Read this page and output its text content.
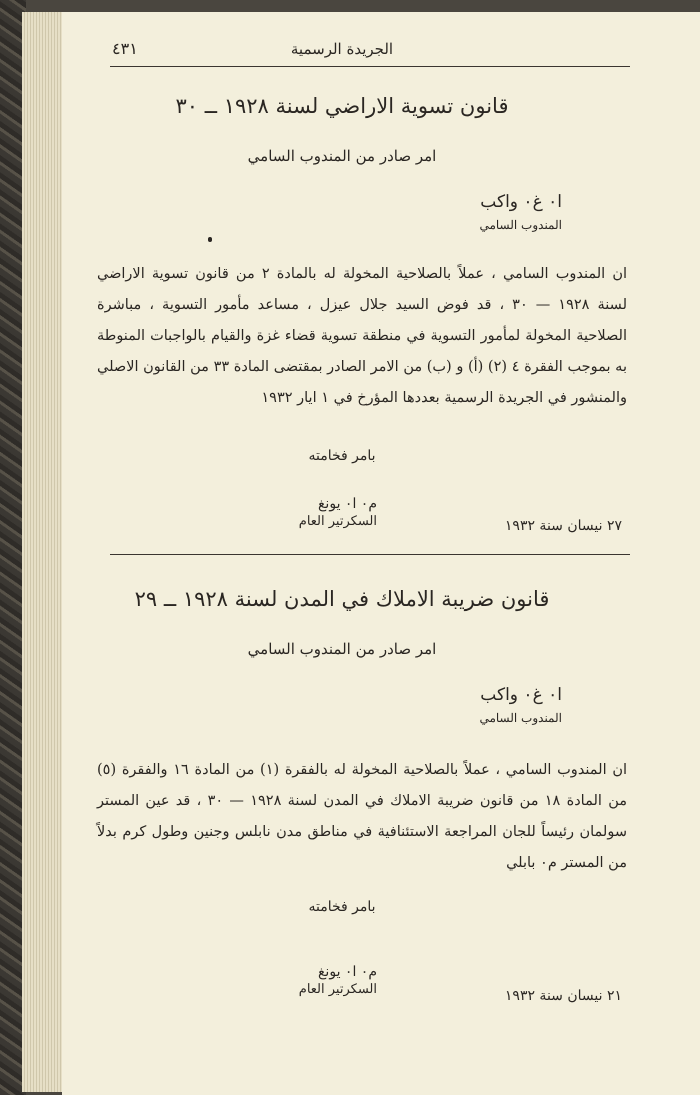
الجريدة الرسمية
٤٣١
قانون تسوية الاراضي لسنة ١٩٢٨ ــ ٣٠
امر صادر من المندوب السامي
ا٠ غ٠ واكب
المندوب السامي
ان المندوب السامي ، عملاً بالصلاحية المخولة له بالمادة ٢ من قانون تسوية الاراضي لسنة ١٩٢٨ — ٣٠ ، قد فوض السيد جلال عيزل ، مساعد مأمور التسوية ، مباشرة الصلاحية المخولة لمأمور التسوية في منطقة تسوية قضاء غزة والقيام بالواجبات المنوطة به بموجب الفقرة ٤ (٢) (أ) و (ب) من الامر الصادر بمقتضى المادة ٣٣ من القانون الاصلي والمنشور في الجريدة الرسمية بعددها المؤرخ في ١ ايار ١٩٣٢
بامر فخامته
م٠ ا٠ يونغ
السكرتير العام	٢٧ نيسان سنة ١٩٣٢
قانون ضريبة الاملاك في المدن لسنة ١٩٢٨ ــ ٢٩
امر صادر من المندوب السامي
ا٠ غ٠ واكب
المندوب السامي
ان المندوب السامي ، عملاً بالصلاحية المخولة له بالفقرة (١) من المادة ١٦ والفقرة (٥) من المادة ١٨ من قانون ضريبة الاملاك في المدن لسنة ١٩٢٨ — ٣٠ ، قد عين المستر سولمان رئيساً للجان المراجعة الاستئنافية في مناطق مدن نابلس وجنين وطول كرم بدلاً من المستر م٠ بابلي
بامر فخامته
م٠ ا٠ يونغ
السكرتير العام	٢١ نيسان سنة ١٩٣٢
